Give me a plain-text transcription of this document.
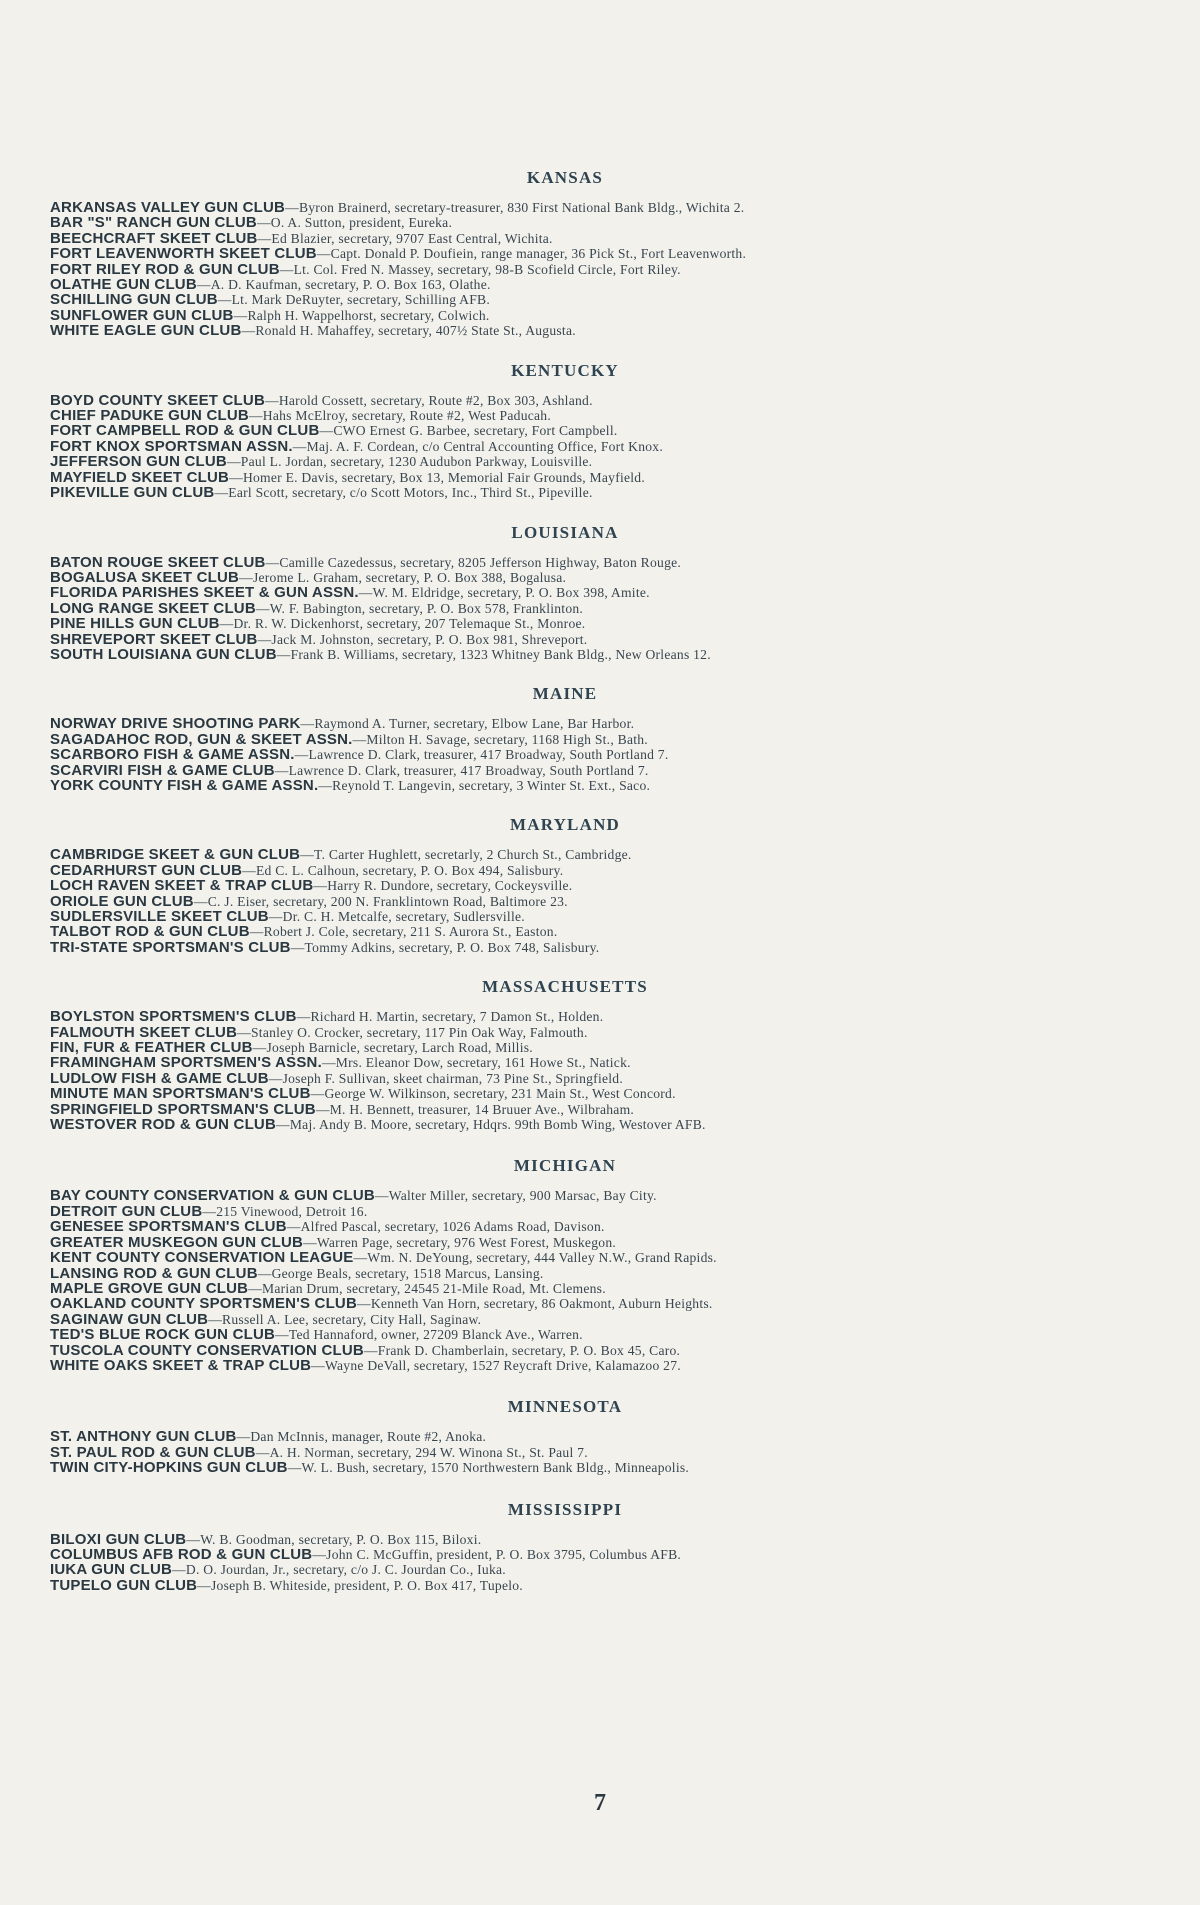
KANSAS
ARKANSAS VALLEY GUN CLUB—Byron Brainerd, secretary-treasurer, 830 First National Bank Bldg., Wichita 2.
BAR "S" RANCH GUN CLUB—O. A. Sutton, president, Eureka.
BEECHCRAFT SKEET CLUB—Ed Blazier, secretary, 9707 East Central, Wichita.
FORT LEAVENWORTH SKEET CLUB—Capt. Donald P. Doufiein, range manager, 36 Pick St., Fort Leavenworth.
FORT RILEY ROD & GUN CLUB—Lt. Col. Fred N. Massey, secretary, 98-B Scofield Circle, Fort Riley.
OLATHE GUN CLUB—A. D. Kaufman, secretary, P. O. Box 163, Olathe.
SCHILLING GUN CLUB—Lt. Mark DeRuyter, secretary, Schilling AFB.
SUNFLOWER GUN CLUB—Ralph H. Wappelhorst, secretary, Colwich.
WHITE EAGLE GUN CLUB—Ronald H. Mahaffey, secretary, 407½ State St., Augusta.
KENTUCKY
BOYD COUNTY SKEET CLUB—Harold Cossett, secretary, Route #2, Box 303, Ashland.
CHIEF PADUKE GUN CLUB—Hahs McElroy, secretary, Route #2, West Paducah.
FORT CAMPBELL ROD & GUN CLUB—CWO Ernest G. Barbee, secretary, Fort Campbell.
FORT KNOX SPORTSMAN ASSN.—Maj. A. F. Cordean, c/o Central Accounting Office, Fort Knox.
JEFFERSON GUN CLUB—Paul L. Jordan, secretary, 1230 Audubon Parkway, Louisville.
MAYFIELD SKEET CLUB—Homer E. Davis, secretary, Box 13, Memorial Fair Grounds, Mayfield.
PIKEVILLE GUN CLUB—Earl Scott, secretary, c/o Scott Motors, Inc., Third St., Pipeville.
LOUISIANA
BATON ROUGE SKEET CLUB—Camille Cazedessus, secretary, 8205 Jefferson Highway, Baton Rouge.
BOGALUSA SKEET CLUB—Jerome L. Graham, secretary, P. O. Box 388, Bogalusa.
FLORIDA PARISHES SKEET & GUN ASSN.—W. M. Eldridge, secretary, P. O. Box 398, Amite.
LONG RANGE SKEET CLUB—W. F. Babington, secretary, P. O. Box 578, Franklinton.
PINE HILLS GUN CLUB—Dr. R. W. Dickenhorst, secretary, 207 Telemaque St., Monroe.
SHREVEPORT SKEET CLUB—Jack M. Johnston, secretary, P. O. Box 981, Shreveport.
SOUTH LOUISIANA GUN CLUB—Frank B. Williams, secretary, 1323 Whitney Bank Bldg., New Orleans 12.
MAINE
NORWAY DRIVE SHOOTING PARK—Raymond A. Turner, secretary, Elbow Lane, Bar Harbor.
SAGADAHOC ROD, GUN & SKEET ASSN.—Milton H. Savage, secretary, 1168 High St., Bath.
SCARBORO FISH & GAME ASSN.—Lawrence D. Clark, treasurer, 417 Broadway, South Portland 7.
SCARVIRI FISH & GAME CLUB—Lawrence D. Clark, treasurer, 417 Broadway, South Portland 7.
YORK COUNTY FISH & GAME ASSN.—Reynold T. Langevin, secretary, 3 Winter St. Ext., Saco.
MARYLAND
CAMBRIDGE SKEET & GUN CLUB—T. Carter Hughlett, secretarly, 2 Church St., Cambridge.
CEDARHURST GUN CLUB—Ed C. L. Calhoun, secretary, P. O. Box 494, Salisbury.
LOCH RAVEN SKEET & TRAP CLUB—Harry R. Dundore, secretary, Cockeysville.
ORIOLE GUN CLUB—C. J. Eiser, secretary, 200 N. Franklintown Road, Baltimore 23.
SUDLERSVILLE SKEET CLUB—Dr. C. H. Metcalfe, secretary, Sudlersville.
TALBOT ROD & GUN CLUB—Robert J. Cole, secretary, 211 S. Aurora St., Easton.
TRI-STATE SPORTSMAN'S CLUB—Tommy Adkins, secretary, P. O. Box 748, Salisbury.
MASSACHUSETTS
BOYLSTON SPORTSMEN'S CLUB—Richard H. Martin, secretary, 7 Damon St., Holden.
FALMOUTH SKEET CLUB—Stanley O. Crocker, secretary, 117 Pin Oak Way, Falmouth.
FIN, FUR & FEATHER CLUB—Joseph Barnicle, secretary, Larch Road, Millis.
FRAMINGHAM SPORTSMEN'S ASSN.—Mrs. Eleanor Dow, secretary, 161 Howe St., Natick.
LUDLOW FISH & GAME CLUB—Joseph F. Sullivan, skeet chairman, 73 Pine St., Springfield.
MINUTE MAN SPORTSMAN'S CLUB—George W. Wilkinson, secretary, 231 Main St., West Concord.
SPRINGFIELD SPORTSMAN'S CLUB—M. H. Bennett, treasurer, 14 Bruuer Ave., Wilbraham.
WESTOVER ROD & GUN CLUB—Maj. Andy B. Moore, secretary, Hdqrs. 99th Bomb Wing, Westover AFB.
MICHIGAN
BAY COUNTY CONSERVATION & GUN CLUB—Walter Miller, secretary, 900 Marsac, Bay City.
DETROIT GUN CLUB—215 Vinewood, Detroit 16.
GENESEE SPORTSMAN'S CLUB—Alfred Pascal, secretary, 1026 Adams Road, Davison.
GREATER MUSKEGON GUN CLUB—Warren Page, secretary, 976 West Forest, Muskegon.
KENT COUNTY CONSERVATION LEAGUE—Wm. N. DeYoung, secretary, 444 Valley N.W., Grand Rapids.
LANSING ROD & GUN CLUB—George Beals, secretary, 1518 Marcus, Lansing.
MAPLE GROVE GUN CLUB—Marian Drum, secretary, 24545 21-Mile Road, Mt. Clemens.
OAKLAND COUNTY SPORTSMEN'S CLUB—Kenneth Van Horn, secretary, 86 Oakmont, Auburn Heights.
SAGINAW GUN CLUB—Russell A. Lee, secretary, City Hall, Saginaw.
TED'S BLUE ROCK GUN CLUB—Ted Hannaford, owner, 27209 Blanck Ave., Warren.
TUSCOLA COUNTY CONSERVATION CLUB—Frank D. Chamberlain, secretary, P. O. Box 45, Caro.
WHITE OAKS SKEET & TRAP CLUB—Wayne DeVall, secretary, 1527 Reycraft Drive, Kalamazoo 27.
MINNESOTA
ST. ANTHONY GUN CLUB—Dan McInnis, manager, Route #2, Anoka.
ST. PAUL ROD & GUN CLUB—A. H. Norman, secretary, 294 W. Winona St., St. Paul 7.
TWIN CITY-HOPKINS GUN CLUB—W. L. Bush, secretary, 1570 Northwestern Bank Bldg., Minneapolis.
MISSISSIPPI
BILOXI GUN CLUB—W. B. Goodman, secretary, P. O. Box 115, Biloxi.
COLUMBUS AFB ROD & GUN CLUB—John C. McGuffin, president, P. O. Box 3795, Columbus AFB.
IUKA GUN CLUB—D. O. Jourdan, Jr., secretary, c/o J. C. Jourdan Co., Iuka.
TUPELO GUN CLUB—Joseph B. Whiteside, president, P. O. Box 417, Tupelo.
7
